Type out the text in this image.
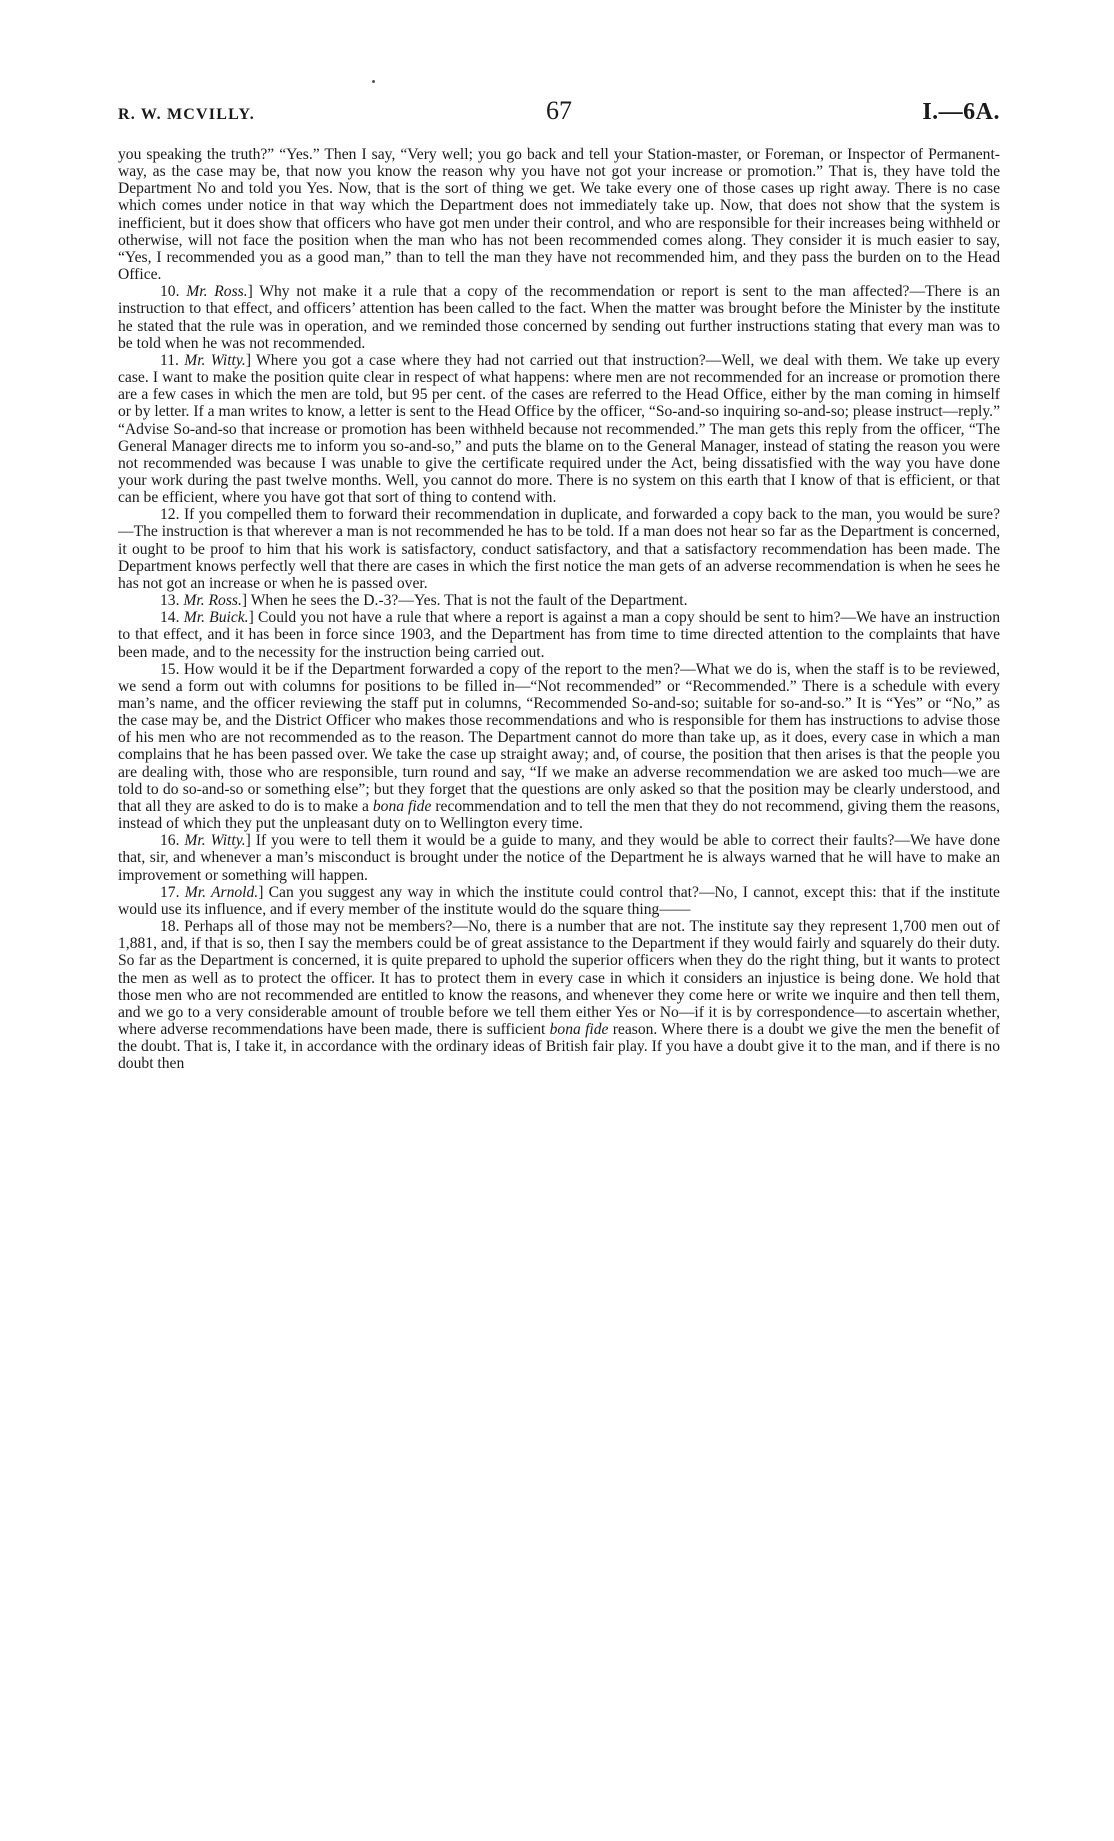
R. W. MCVILLY.	67	I.—6A.

you speaking the truth?” “Yes.” Then I say, “Very well; you go back and tell your Station-master, or Foreman, or Inspector of Permanent-way, as the case may be, that now you know the reason why you have not got your increase or promotion.” That is, they have told the Department No and told you Yes. Now, that is the sort of thing we get. We take every one of those cases up right away. There is no case which comes under notice in that way which the Department does not immediately take up. Now, that does not show that the system is inefficient, but it does show that officers who have got men under their control, and who are responsible for their increases being withheld or otherwise, will not face the position when the man who has not been recommended comes along. They consider it is much easier to say, “Yes, I recommended you as a good man,” than to tell the man they have not recommended him, and they pass the burden on to the Head Office.

10. Mr. Ross.] Why not make it a rule that a copy of the recommendation or report is sent to the man affected?—There is an instruction to that effect, and officers’ attention has been called to the fact. When the matter was brought before the Minister by the institute he stated that the rule was in operation, and we reminded those concerned by sending out further instructions stating that every man was to be told when he was not recommended.

11. Mr. Witty.] Where you got a case where they had not carried out that instruction?—Well, we deal with them. We take up every case. I want to make the position quite clear in respect of what happens: where men are not recommended for an increase or promotion there are a few cases in which the men are told, but 95 per cent. of the cases are referred to the Head Office, either by the man coming in himself or by letter. If a man writes to know, a letter is sent to the Head Office by the officer, “So-and-so inquiring so-and-so; please instruct—reply.” “Advise So-and-so that increase or promotion has been withheld because not recommended.” The man gets this reply from the officer, “The General Manager directs me to inform you so-and-so,” and puts the blame on to the General Manager, instead of stating the reason you were not recommended was because I was unable to give the certificate required under the Act, being dissatisfied with the way you have done your work during the past twelve months. Well, you cannot do more. There is no system on this earth that I know of that is efficient, or that can be efficient, where you have got that sort of thing to contend with.

12. If you compelled them to forward their recommendation in duplicate, and forwarded a copy back to the man, you would be sure?—The instruction is that wherever a man is not recommended he has to be told. If a man does not hear so far as the Department is concerned, it ought to be proof to him that his work is satisfactory, conduct satisfactory, and that a satisfactory recommendation has been made. The Department knows perfectly well that there are cases in which the first notice the man gets of an adverse recommendation is when he sees he has not got an increase or when he is passed over.

13. Mr. Ross.] When he sees the D.-3?—Yes. That is not the fault of the Department.

14. Mr. Buick.] Could you not have a rule that where a report is against a man a copy should be sent to him?—We have an instruction to that effect, and it has been in force since 1903, and the Department has from time to time directed attention to the complaints that have been made, and to the necessity for the instruction being carried out.

15. How would it be if the Department forwarded a copy of the report to the men?—What we do is, when the staff is to be reviewed, we send a form out with columns for positions to be filled in—“Not recommended” or “Recommended.” There is a schedule with every man’s name, and the officer reviewing the staff put in columns, “Recommended So-and-so; suitable for so-and-so.” It is “Yes” or “No,” as the case may be, and the District Officer who makes those recommendations and who is responsible for them has instructions to advise those of his men who are not recommended as to the reason. The Department cannot do more than take up, as it does, every case in which a man complains that he has been passed over. We take the case up straight away; and, of course, the position that then arises is that the people you are dealing with, those who are responsible, turn round and say, “If we make an adverse recommendation we are asked too much—we are told to do so-and-so or something else”; but they forget that the questions are only asked so that the position may be clearly understood, and that all they are asked to do is to make a bona fide recommendation and to tell the men that they do not recommend, giving them the reasons, instead of which they put the unpleasant duty on to Wellington every time.

16. Mr. Witty.] If you were to tell them it would be a guide to many, and they would be able to correct their faults?—We have done that, sir, and whenever a man’s misconduct is brought under the notice of the Department he is always warned that he will have to make an improvement or something will happen.

17. Mr. Arnold.] Can you suggest any way in which the institute could control that?—No, I cannot, except this: that if the institute would use its influence, and if every member of the institute would do the square thing——

18. Perhaps all of those may not be members?—No, there is a number that are not. The institute say they represent 1,700 men out of 1,881, and, if that is so, then I say the members could be of great assistance to the Department if they would fairly and squarely do their duty. So far as the Department is concerned, it is quite prepared to uphold the superior officers when they do the right thing, but it wants to protect the men as well as to protect the officer. It has to protect them in every case in which it considers an injustice is being done. We hold that those men who are not recommended are entitled to know the reasons, and whenever they come here or write we inquire and then tell them, and we go to a very considerable amount of trouble before we tell them either Yes or No—if it is by correspondence—to ascertain whether, where adverse recommendations have been made, there is sufficient bona fide reason. Where there is a doubt we give the men the benefit of the doubt. That is, I take it, in accordance with the ordinary ideas of British fair play. If you have a doubt give it to the man, and if there is no doubt then
